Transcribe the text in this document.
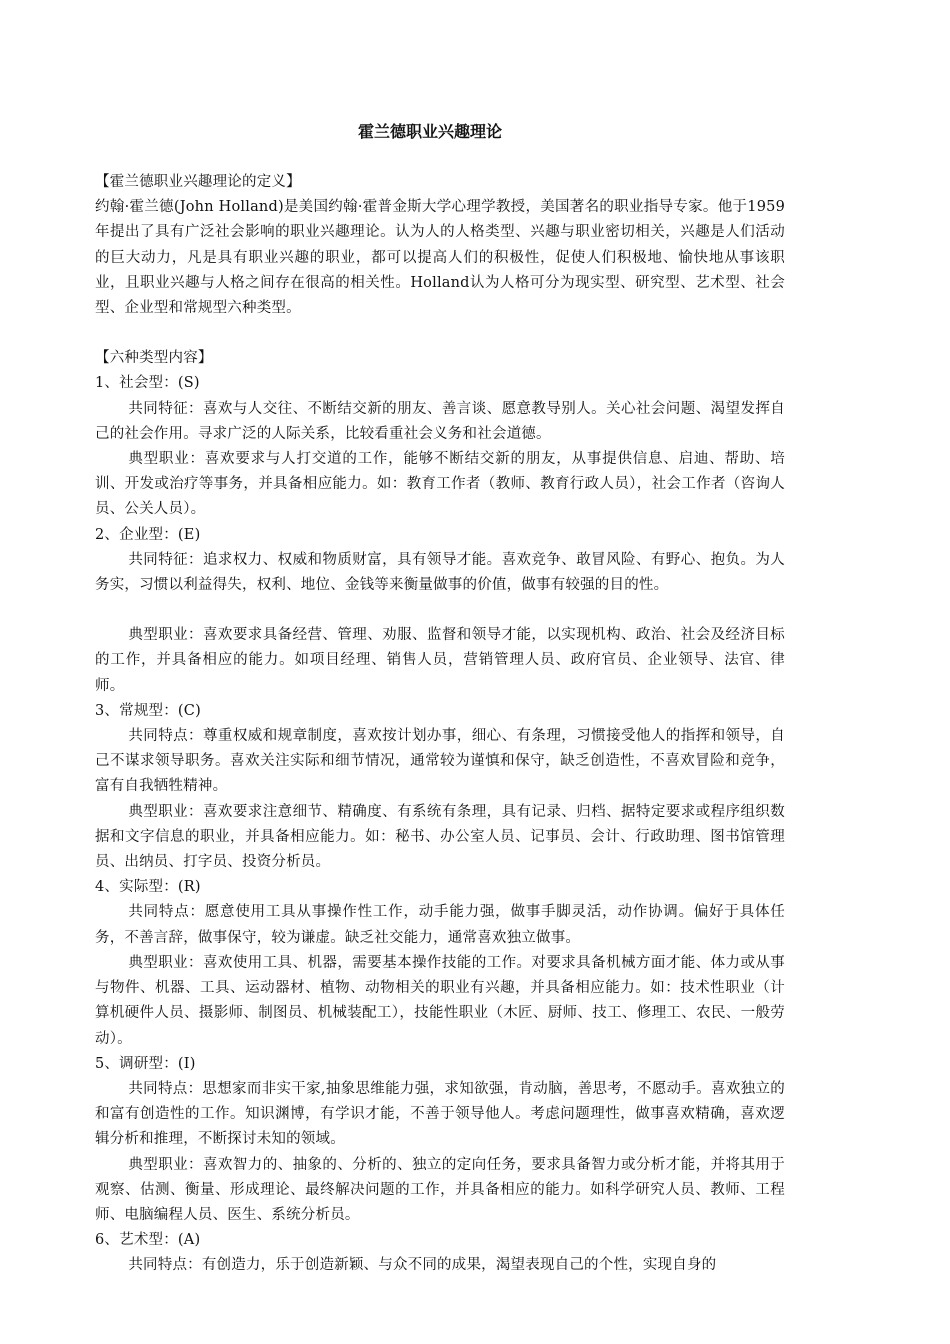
霍兰德职业兴趣理论

【霍兰德职业兴趣理论的定义】

约翰·霍兰德(John Holland)是美国约翰·霍普金斯大学心理学教授，美国著名的职业指导专家。他于1959年提出了具有广泛社会影响的职业兴趣理论。认为人的人格类型、兴趣与职业密切相关，兴趣是人们活动的巨大动力，凡是具有职业兴趣的职业，都可以提高人们的积极性，促使人们积极地、愉快地从事该职业，且职业兴趣与人格之间存在很高的相关性。Holland认为人格可分为现实型、研究型、艺术型、社会型、企业型和常规型六种类型。

【六种类型内容】

1、社会型：(S)

共同特征：喜欢与人交往、不断结交新的朋友、善言谈、愿意教导别人。关心社会问题、渴望发挥自己的社会作用。寻求广泛的人际关系，比较看重社会义务和社会道德。

典型职业：喜欢要求与人打交道的工作，能够不断结交新的朋友，从事提供信息、启迪、帮助、培训、开发或治疗等事务，并具备相应能力。如：教育工作者（教师、教育行政人员），社会工作者（咨询人员、公关人员）。

2、企业型：(E)

共同特征：追求权力、权威和物质财富，具有领导才能。喜欢竞争、敢冒风险、有野心、抱负。为人务实，习惯以利益得失，权利、地位、金钱等来衡量做事的价值，做事有较强的目的性。

典型职业：喜欢要求具备经营、管理、劝服、监督和领导才能，以实现机构、政治、社会及经济目标的工作，并具备相应的能力。如项目经理、销售人员，营销管理人员、政府官员、企业领导、法官、律师。

3、常规型：(C)

共同特点：尊重权威和规章制度，喜欢按计划办事，细心、有条理，习惯接受他人的指挥和领导，自己不谋求领导职务。喜欢关注实际和细节情况，通常较为谨慎和保守，缺乏创造性，不喜欢冒险和竞争，富有自我牺牲精神。

典型职业：喜欢要求注意细节、精确度、有系统有条理，具有记录、归档、据特定要求或程序组织数据和文字信息的职业，并具备相应能力。如：秘书、办公室人员、记事员、会计、行政助理、图书馆管理员、出纳员、打字员、投资分析员。

4、实际型：(R)

共同特点：愿意使用工具从事操作性工作，动手能力强，做事手脚灵活，动作协调。偏好于具体任务，不善言辞，做事保守，较为谦虚。缺乏社交能力，通常喜欢独立做事。

典型职业：喜欢使用工具、机器，需要基本操作技能的工作。对要求具备机械方面才能、体力或从事与物件、机器、工具、运动器材、植物、动物相关的职业有兴趣，并具备相应能力。如：技术性职业（计算机硬件人员、摄影师、制图员、机械装配工），技能性职业（木匠、厨师、技工、修理工、农民、一般劳动）。

5、调研型：(I)

共同特点：思想家而非实干家,抽象思维能力强，求知欲强，肯动脑，善思考，不愿动手。喜欢独立的和富有创造性的工作。知识渊博，有学识才能，不善于领导他人。考虑问题理性，做事喜欢精确，喜欢逻辑分析和推理，不断探讨未知的领域。

典型职业：喜欢智力的、抽象的、分析的、独立的定向任务，要求具备智力或分析才能，并将其用于观察、估测、衡量、形成理论、最终解决问题的工作，并具备相应的能力。如科学研究人员、教师、工程师、电脑编程人员、医生、系统分析员。

6、艺术型：(A)

共同特点：有创造力，乐于创造新颖、与众不同的成果，渴望表现自己的个性，实现自身的
